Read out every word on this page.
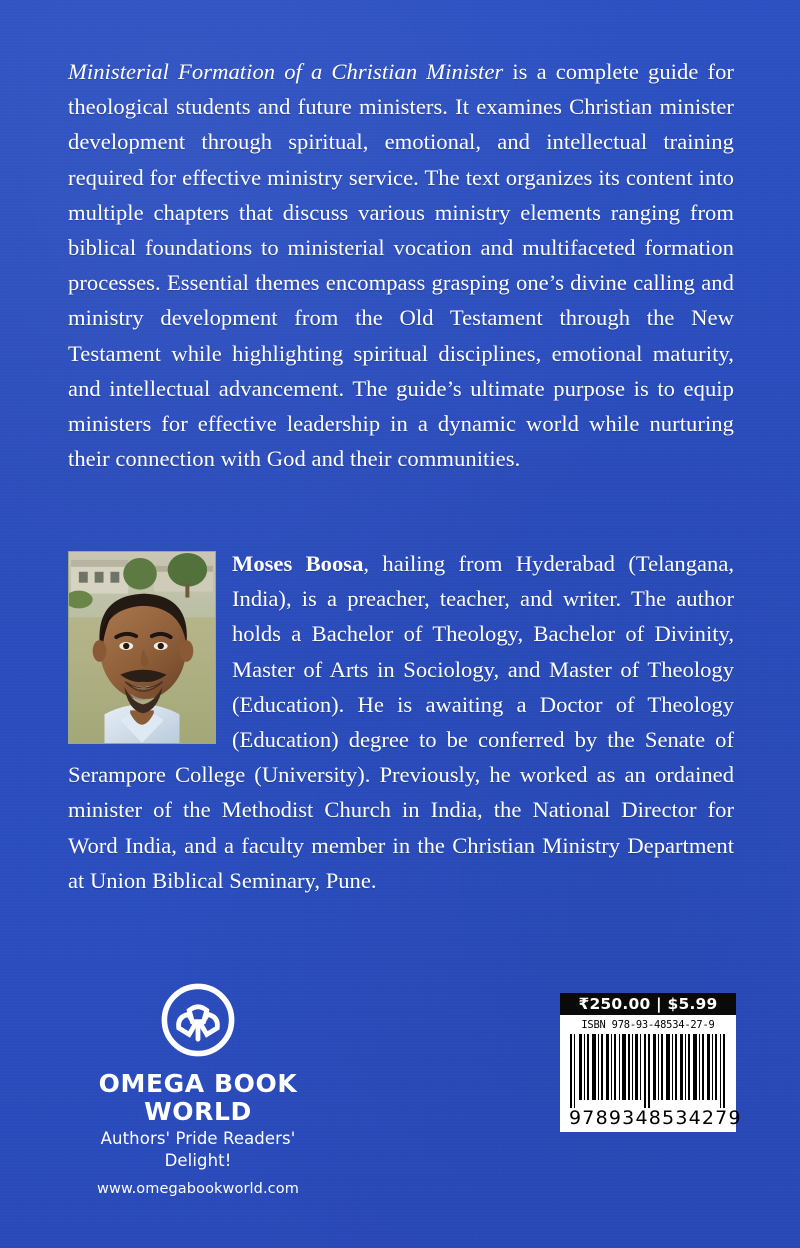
Ministerial Formation of a Christian Minister is a complete guide for theological students and future ministers. It examines Christian minister development through spiritual, emotional, and intellectual training required for effective ministry service. The text organizes its content into multiple chapters that discuss various ministry elements ranging from biblical foundations to ministerial vocation and multifaceted formation processes. Essential themes encompass grasping one’s divine calling and ministry development from the Old Testament through the New Testament while highlighting spiritual disciplines, emotional maturity, and intellectual advancement. The guide’s ultimate purpose is to equip ministers for effective leadership in a dynamic world while nurturing their connection with God and their communities.
Moses Boosa, hailing from Hyderabad (Telangana, India), is a preacher, teacher, and writer. The author holds a Bachelor of Theology, Bachelor of Divinity, Master of Arts in Sociology, and Master of Theology (Education). He is awaiting a Doctor of Theology (Education) degree to be conferred by the Senate of Serampore College (University). Previously, he worked as an ordained minister of the Methodist Church in India, the National Director for Word India, and a faculty member in the Christian Ministry Department at Union Biblical Seminary, Pune.
OMEGA BOOK WORLD
Authors' Pride Readers' Delight!
www.omegabookworld.com
₹250.00 | $5.99
ISBN 978-93-48534-27-9
9 789348 534279
